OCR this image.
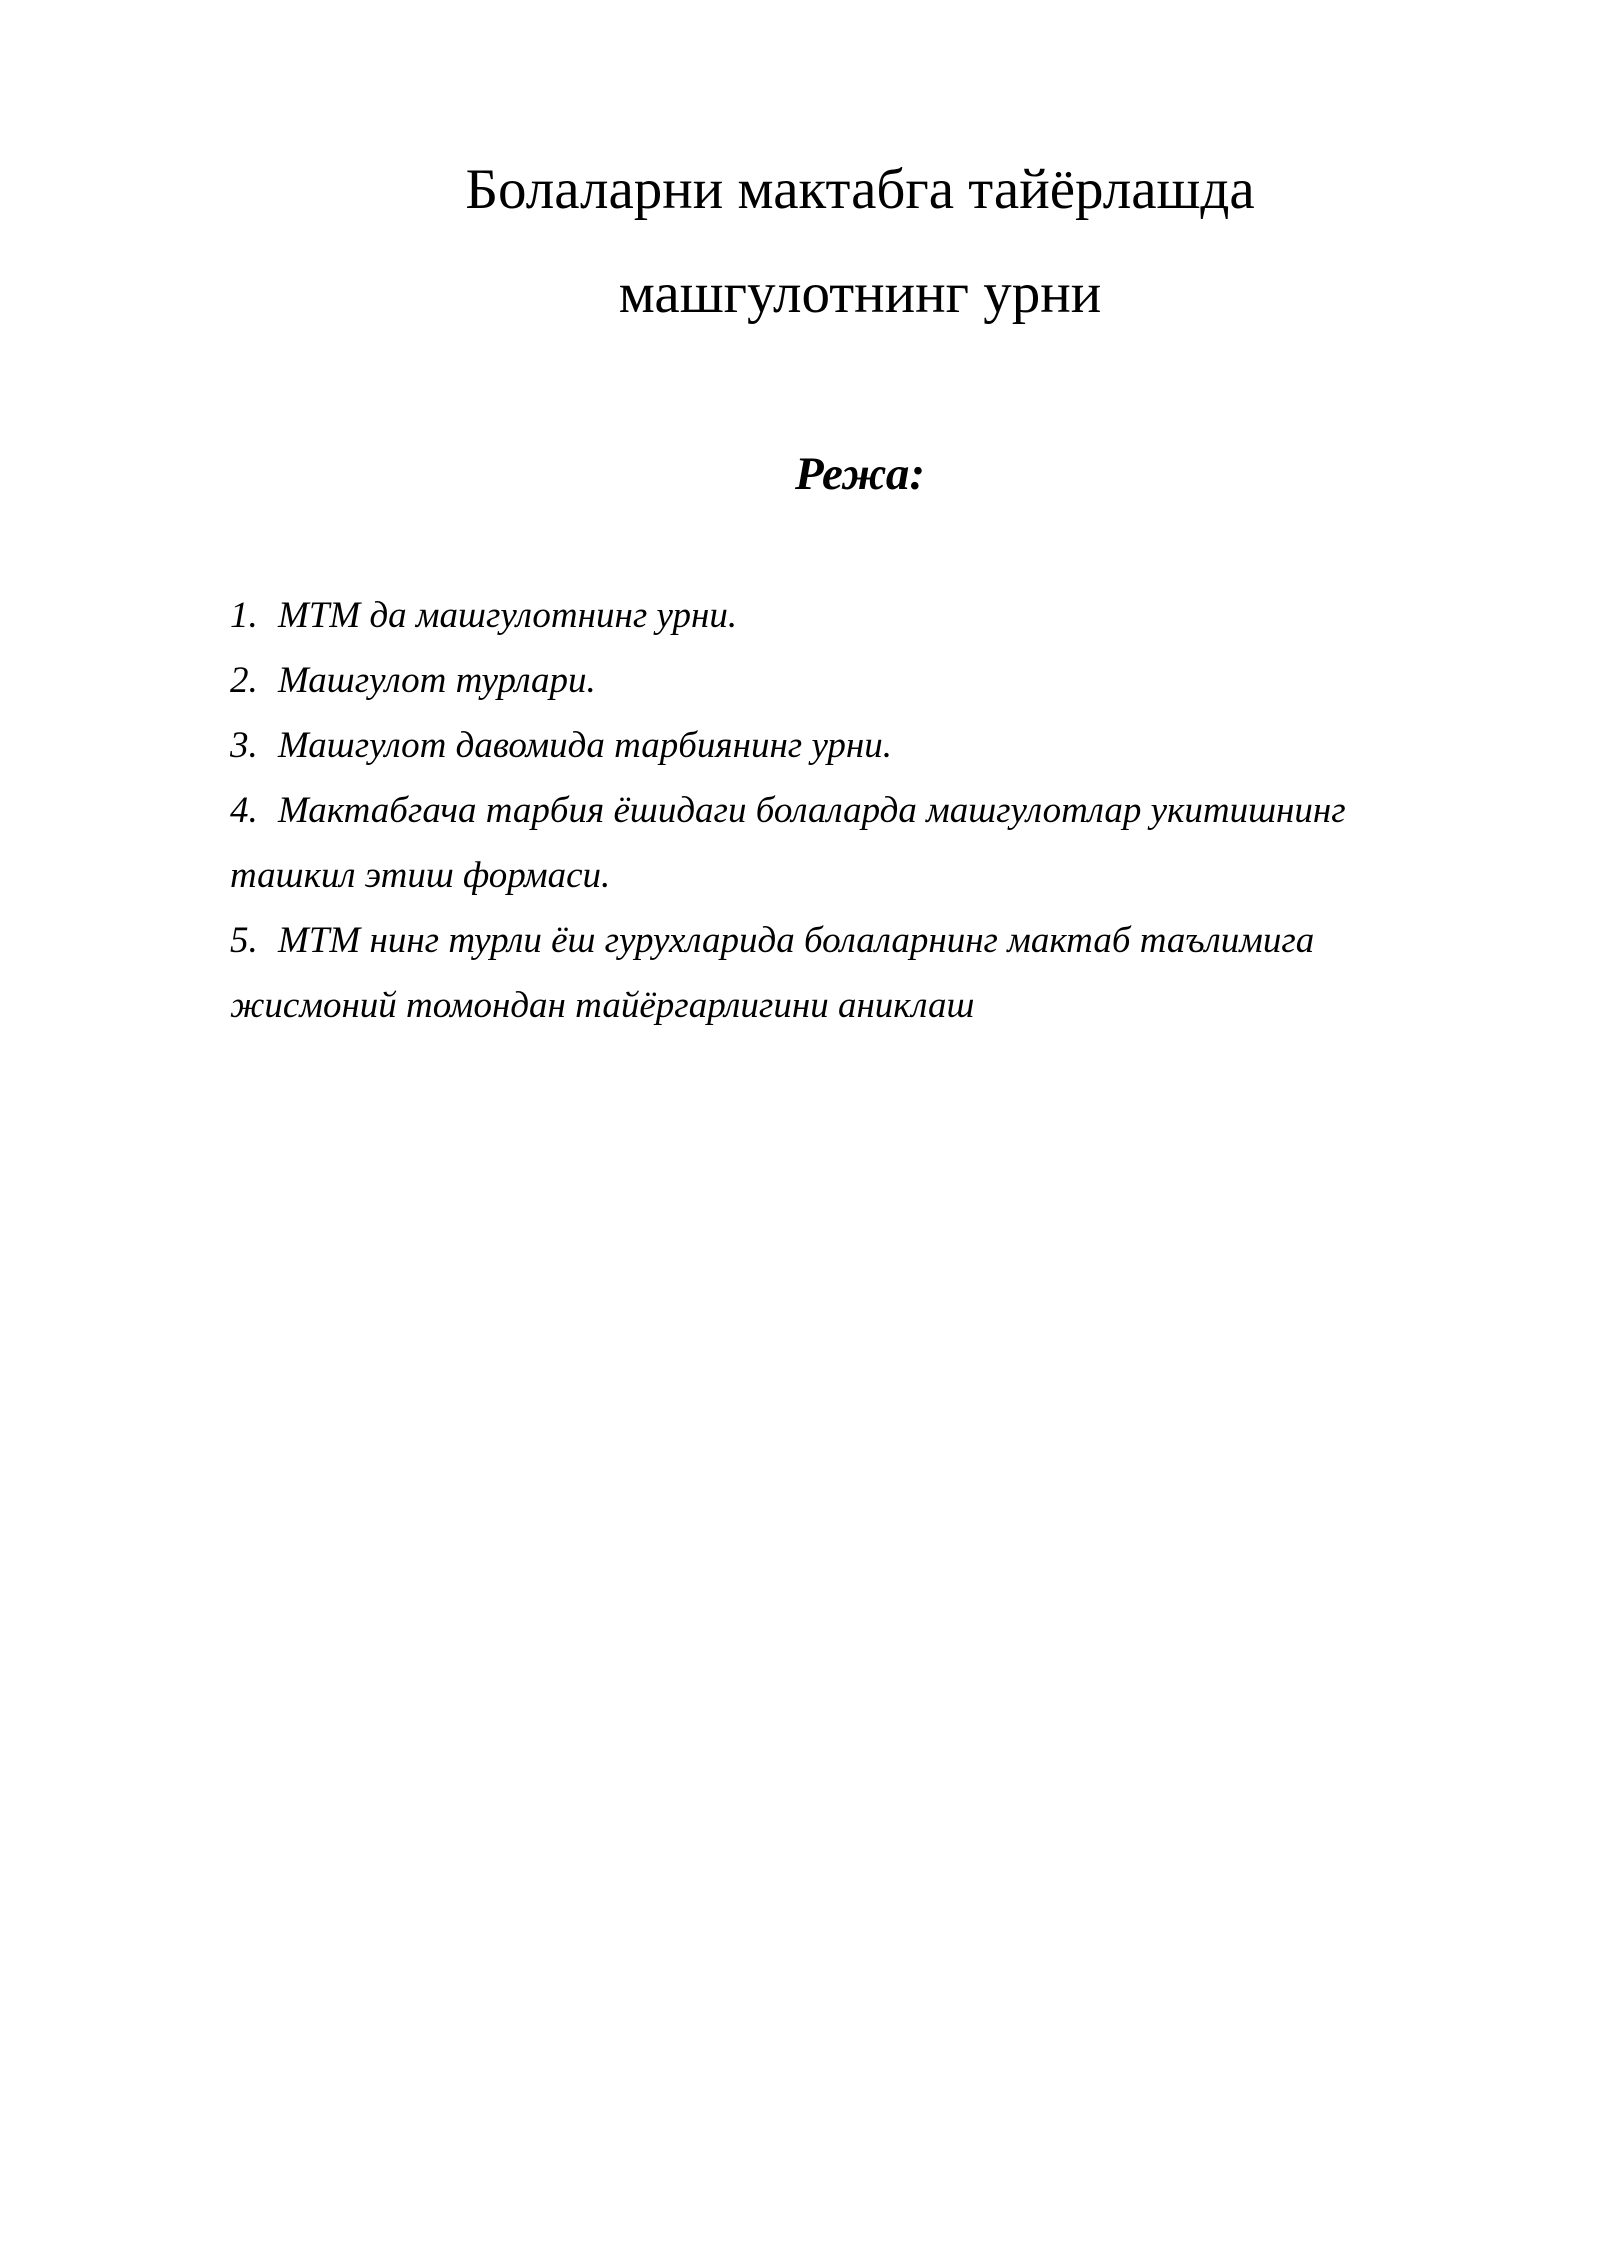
Болаларни мактабга тайёрлашда
машгулотнинг урни
Режа:
1. МТМ да машгулотнинг урни.
2. Машгулот турлари.
3. Машгулот давомида тарбиянинг урни.
4. Мактабгача тарбия ёшидаги болаларда машгулотлар укитишнинг ташкил этиш формаси.
5. МТМ нинг турли ёш гурухларида болаларнинг мактаб таълимига жисмоний томондан тайёргарлигини аниклаш
